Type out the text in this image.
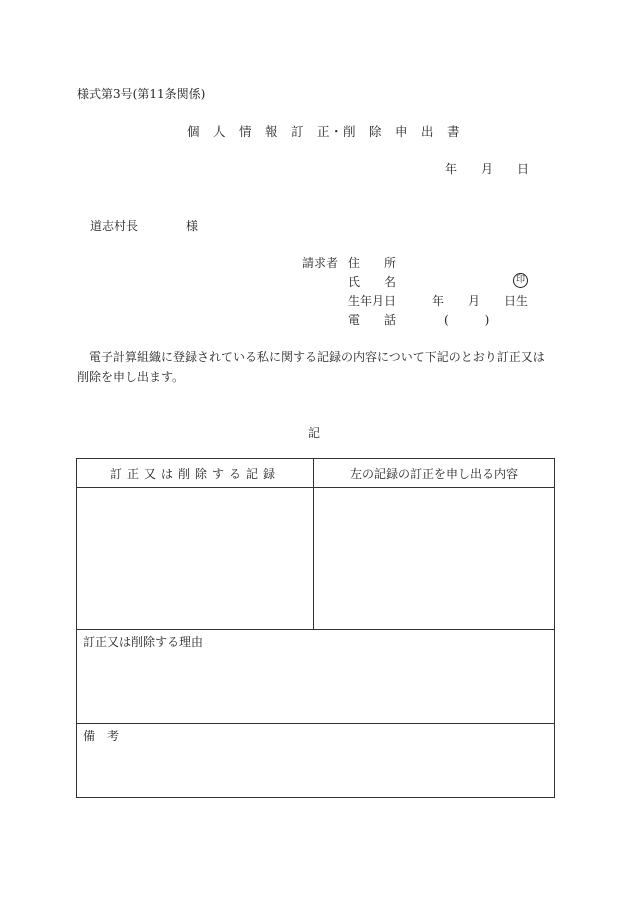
様式第3号(第11条関係)
個　人　情　報　訂　正・削　除　申　出　書
年　　月　　日
道志村長　　　　様
請求者 住　　所
氏　　名	印
生年月日	年　　月　　日生
電　　話	(　　　)
電子計算組織に登録されている私に関する記録の内容について下記のとおり訂正又は削除を申し出ます。
記
訂正又は削除する記録	左の記録の訂正を申し出る内容
訂正又は削除する理由
備　考
